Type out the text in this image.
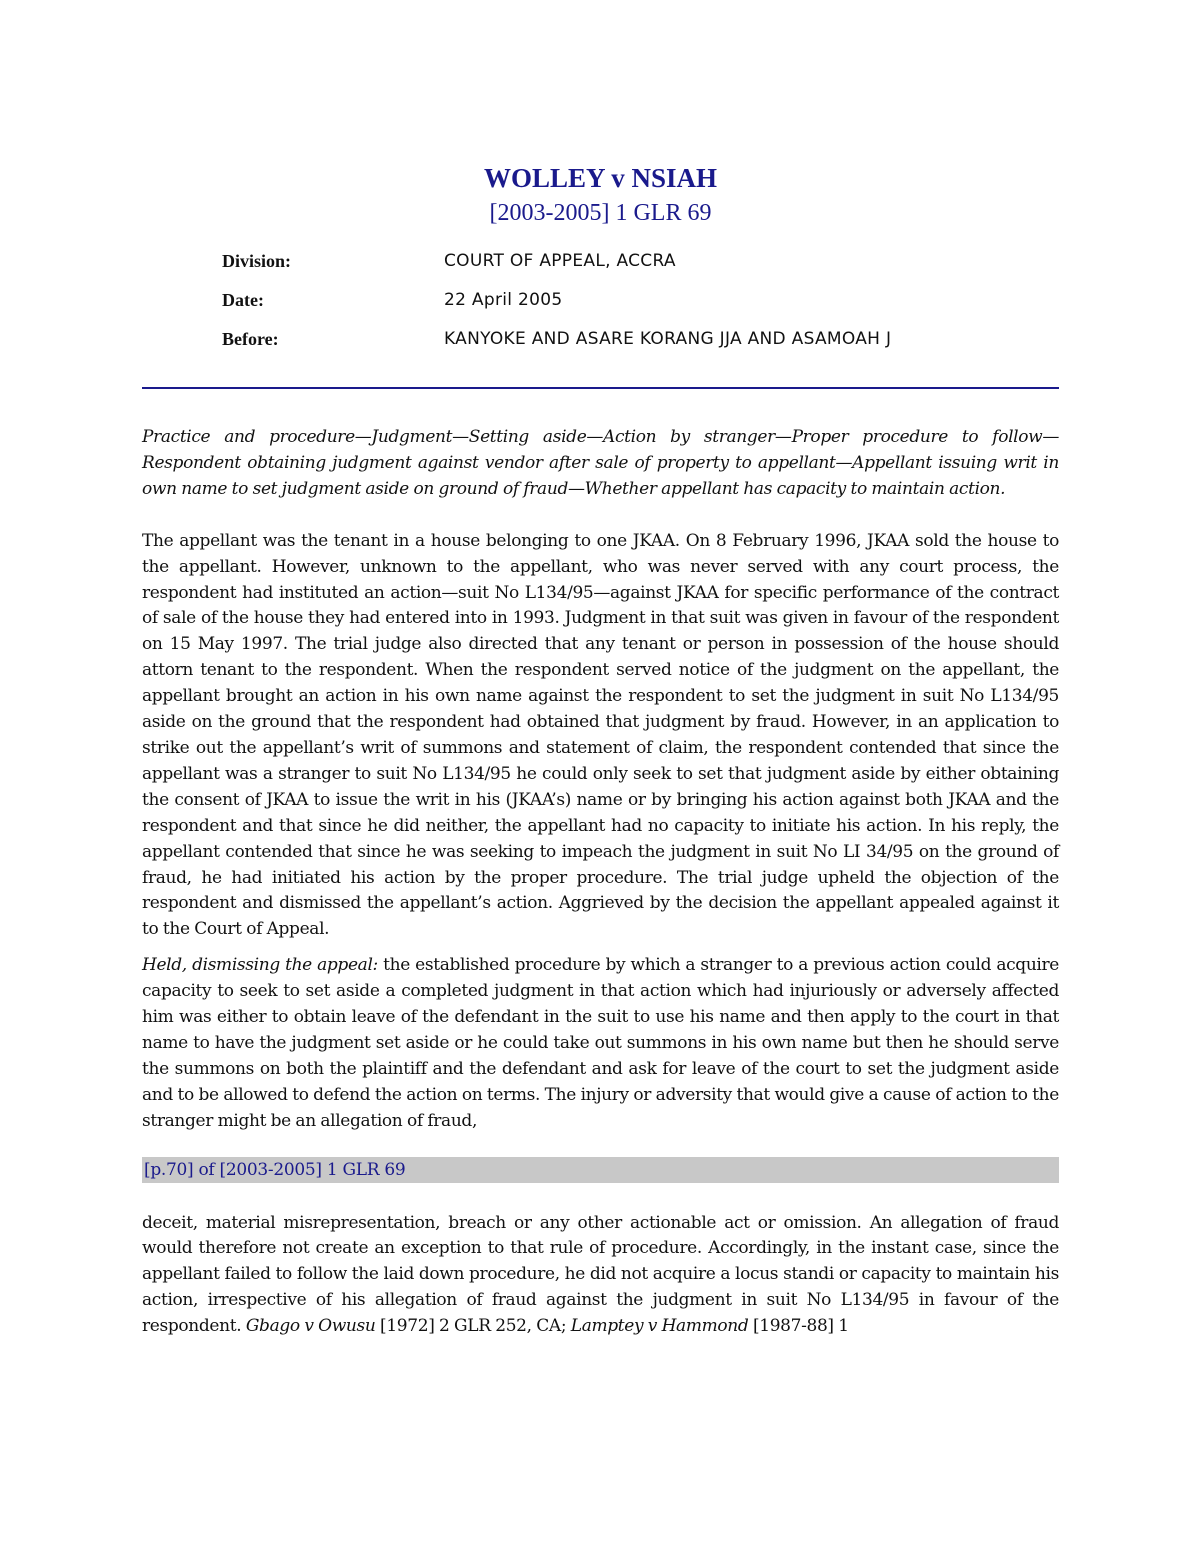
WOLLEY v NSIAH
[2003-2005] 1 GLR 69
Division:	COURT OF APPEAL, ACCRA
Date:	22 April 2005
Before:	KANYOKE AND ASARE KORANG JJA AND ASAMOAH J

Practice and procedure—Judgment—Setting aside—Action by stranger—Proper procedure to follow—Respondent obtaining judgment against vendor after sale of property to appellant—Appellant issuing writ in own name to set judgment aside on ground of fraud—Whether appellant has capacity to maintain action.

The appellant was the tenant in a house belonging to one JKAA. On 8 February 1996, JKAA sold the house to the appellant. However, unknown to the appellant, who was never served with any court process, the respondent had instituted an action—suit No L134/95—against JKAA for specific performance of the contract of sale of the house they had entered into in 1993. Judgment in that suit was given in favour of the respondent on 15 May 1997. The trial judge also directed that any tenant or person in possession of the house should attorn tenant to the respondent. When the respondent served notice of the judgment on the appellant, the appellant brought an action in his own name against the respondent to set the judgment in suit No L134/95 aside on the ground that the respondent had obtained that judgment by fraud. However, in an application to strike out the appellant’s writ of summons and statement of claim, the respondent contended that since the appellant was a stranger to suit No L134/95 he could only seek to set that judgment aside by either obtaining the consent of JKAA to issue the writ in his (JKAA’s) name or by bringing his action against both JKAA and the respondent and that since he did neither, the appellant had no capacity to initiate his action. In his reply, the appellant contended that since he was seeking to impeach the judgment in suit No LI 34/95 on the ground of fraud, he had initiated his action by the proper procedure. The trial judge upheld the objection of the respondent and dismissed the appellant’s action. Aggrieved by the decision the appellant appealed against it to the Court of Appeal.

Held, dismissing the appeal: the established procedure by which a stranger to a previous action could acquire capacity to seek to set aside a completed judgment in that action which had injuriously or adversely affected him was either to obtain leave of the defendant in the suit to use his name and then apply to the court in that name to have the judgment set aside or he could take out summons in his own name but then he should serve the summons on both the plaintiff and the defendant and ask for leave of the court to set the judgment aside and to be allowed to defend the action on terms. The injury or adversity that would give a cause of action to the stranger might be an allegation of fraud,

[p.70] of [2003-2005] 1 GLR 69

deceit, material misrepresentation, breach or any other actionable act or omission. An allegation of fraud would therefore not create an exception to that rule of procedure. Accordingly, in the instant case, since the appellant failed to follow the laid down procedure, he did not acquire a locus standi or capacity to maintain his action, irrespective of his allegation of fraud against the judgment in suit No L134/95 in favour of the respondent. Gbago v Owusu [1972] 2 GLR 252, CA; Lamptey v Hammond [1987-88] 1
